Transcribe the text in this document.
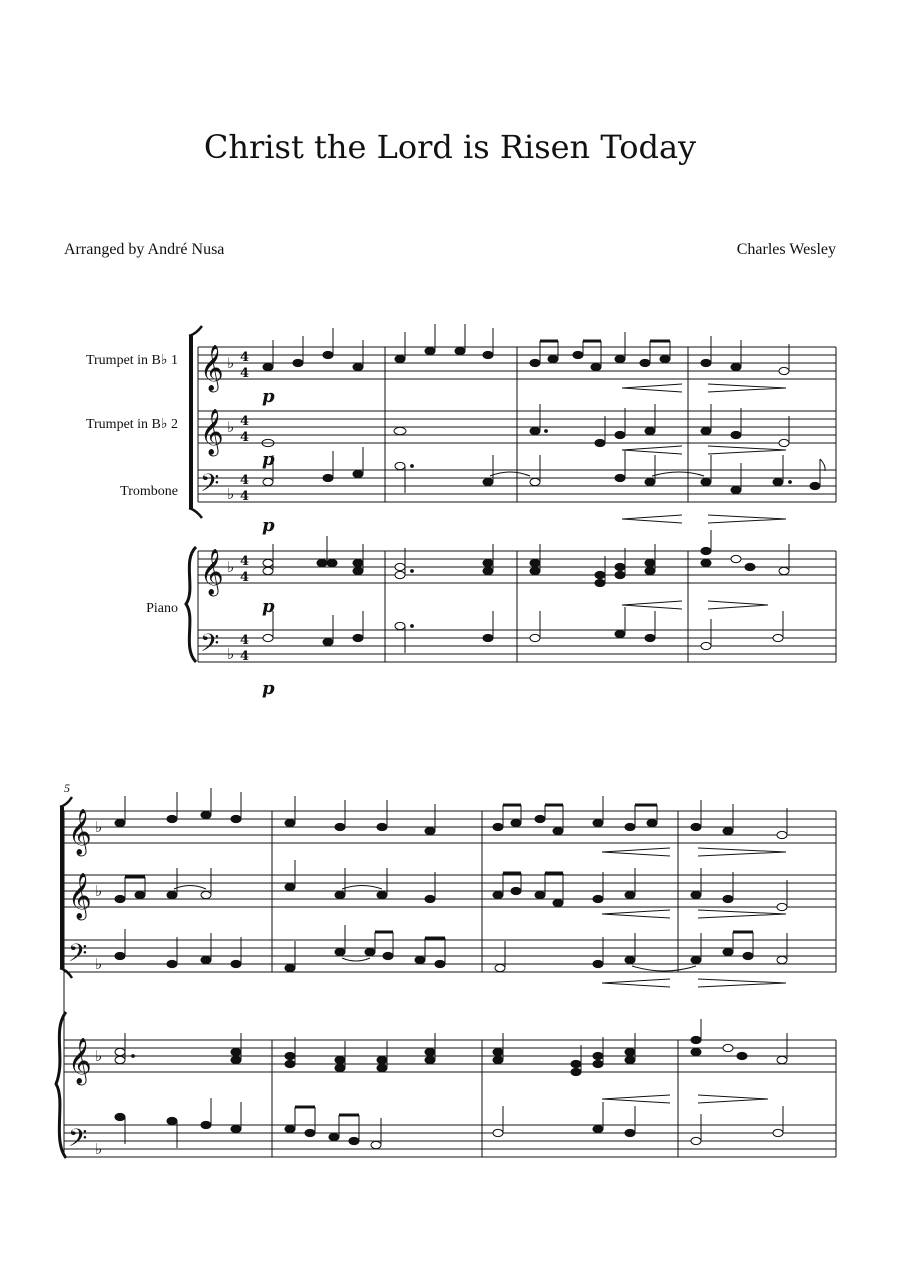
Christ the Lord is Risen Today
Arranged by André Nusa	Charles Wesley
Trumpet in B♭ 1
Trumpet in B♭ 2
Trombone
Piano
𝄞
𝄞
𝄢
𝄞
𝄢
♭
♭
♭
♭
♭
4
4
4
4
4
4
4
4
4
4
p
p
p
p
p
5
𝄞
𝄞
𝄢
𝄞
𝄢
♭
♭
♭
♭
♭
